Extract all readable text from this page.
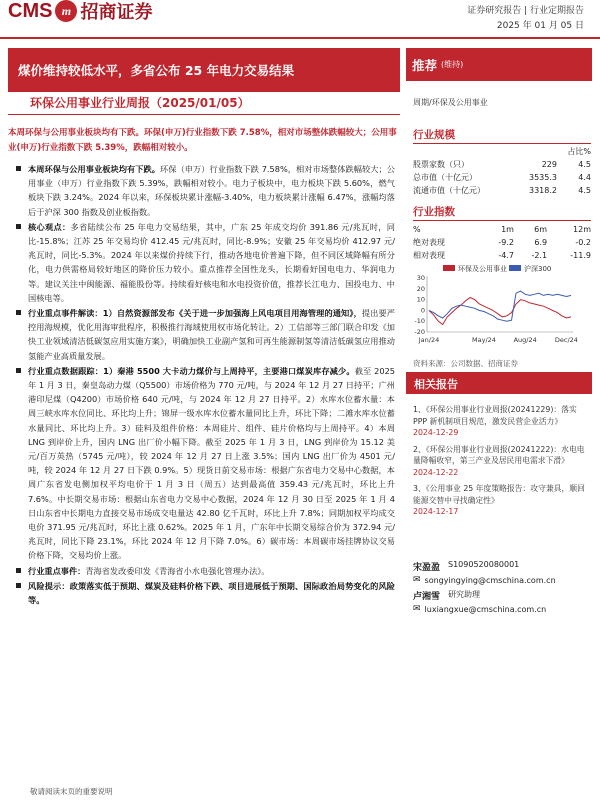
CMS m 招商证券	证券研究报告 | 行业定期报告
2025 年 01 月 05 日
煤价维持较低水平，多省公布 25 年电力交易结果	推荐 (维持)
环保公用事业行业周报（2025/01/05）	周期/环保及公用事业
本周环保与公用事业板块均有下跌。环保(申万)行业指数下跌 7.58%，相对市场整体跌幅较大；公用事业(申万)行业指数下跌 5.39%，跌幅相对较小。

本周环保与公用事业板块均有下跌。环保（申万）行业指数下跌 7.58%，相对市场整体跌幅较大；公用事业（申万）行业指数下跌 5.39%，跌幅相对较小。电力子板块中，电力板块下跌 5.60%，燃气板块下跌 3.24%。2024 年以来，环保板块累计涨幅-3.40%，电力板块累计涨幅 6.47%，涨幅均落后于沪深 300 指数及创业板指数。

核心观点：多省陆续公布 25 年电力交易结果，其中，广东 25 年成交均价 391.86 元/兆瓦时，同比-15.8%；江苏 25 年交易均价 412.45 元/兆瓦时，同比-8.9%；安徽 25 年交易均价 412.97 元/兆瓦时，同比-5.3%。2024 年以来煤价持续下行，推动各地电价普遍下降，但不同区域降幅有所分化，电力供需格局较好地区的降价压力较小。重点推荐全国性龙头，长期看好国电电力、华润电力等。建议关注中闽能源、福能股份等。持续看好核电和水电投资价值，推荐长江电力、国投电力、中国核电等。

行业重点事件解读：1）自然资源部发布《关于进一步加强海上风电项目用海管理的通知》，提出要严控用海规模，优化用海审批程序，积极推行海域使用权市场化转让。2）工信部等三部门联合印发《加快工业领域清洁低碳氢应用实施方案》，明确加快工业副产氢和可再生能源制氢等清洁低碳氢应用推动氢能产业高质量发展。

行业重点数据跟踪：1）秦港 5500 大卡动力煤价与上周持平，主要港口煤炭库存减少。截至 2025 年 1 月 3 日，秦皇岛动力煤（Q5500）市场价格为 770 元/吨，与 2024 年 12 月 27 日持平；广州港印尼煤（Q4200）市场价格 640 元/吨，与 2024 年 12 月 27 日持平。2）水库水位蓄水量：本周三峡水库水位同比、环比均上升；锦屏一级水库水位蓄水量同比上升，环比下降；二滩水库水位蓄水量同比、环比均上升。3）硅料及组件价格：本周硅片、组件、硅片价格均与上周持平。4）本周 LNG 到岸价上升，国内 LNG 出厂价小幅下降。截至 2025 年 1 月 3 日，LNG 到岸价为 15.12 美元/百万英热（5745 元/吨），较 2024 年 12 月 27 日上涨 3.5%；国内 LNG 出厂价为 4501 元/吨，较 2024 年 12 月 27 日下跌 0.9%。5）现货日前交易市场：根据广东省电力交易中心数据，本周广东省发电侧加权平均电价于 1 月 3 日（周五）达到最高值 359.43 元/兆瓦时，环比上升 7.6%。中长期交易市场：根据山东省电力交易中心数据，2024 年 12 月 30 日至 2025 年 1 月 4 日山东省中长期电力直接交易市场成交电量达 42.80 亿千瓦时，环比上升 7.8%；同期加权平均成交电价 371.95 元/兆瓦时，环比上涨 0.62%。2025 年 1 月，广东年中长期交易综合价为 372.94 元/兆瓦时，同比下降 23.1%，环比 2024 年 12 月下降 7.0%。6）碳市场：本周碳市场挂牌协议交易价格下降，交易均价上涨。

行业重点事件：青海省发改委印发《青海省小水电强化管理办法》。

风险提示：政策落实低于预期、煤炭及硅料价格下跌、项目进展低于预期、国际政治局势变化的风险等。

行业规模
		占比%
股票家数（只）	229	4.5
总市值（十亿元）	3535.3	4.4
流通市值（十亿元）	3318.2	4.5
行业指数
%	1m	6m	12m
绝对表现	-9.2	6.9	-0.2
相对表现	-4.7	-2.1	-11.9
环保及公用事业 沪深300
30
20
10
0
-10
-20
Jan/24	May/24	Aug/24	Dec/24
资料来源：公司数据、招商证券
相关报告
1、《环保公用事业行业周报(20241229)：落实 PPP 新机制项目规范，激发民营企业活力》
2024-12-29
2、《环保公用事业行业周报(20241222)：水电电量降幅收窄，第三产业及居民用电需求下滑》
2024-12-22
3、《公用事业 25 年度策略报告：攻守兼具，顺回能源交替中寻找确定性》
2024-12-17
宋盈盈 S1090520080001
✉ songyingying@cmschina.com.cn
卢湘雪 研究助理
✉ luxiangxue@cmschina.com.cn
敬请阅读末页的重要说明
